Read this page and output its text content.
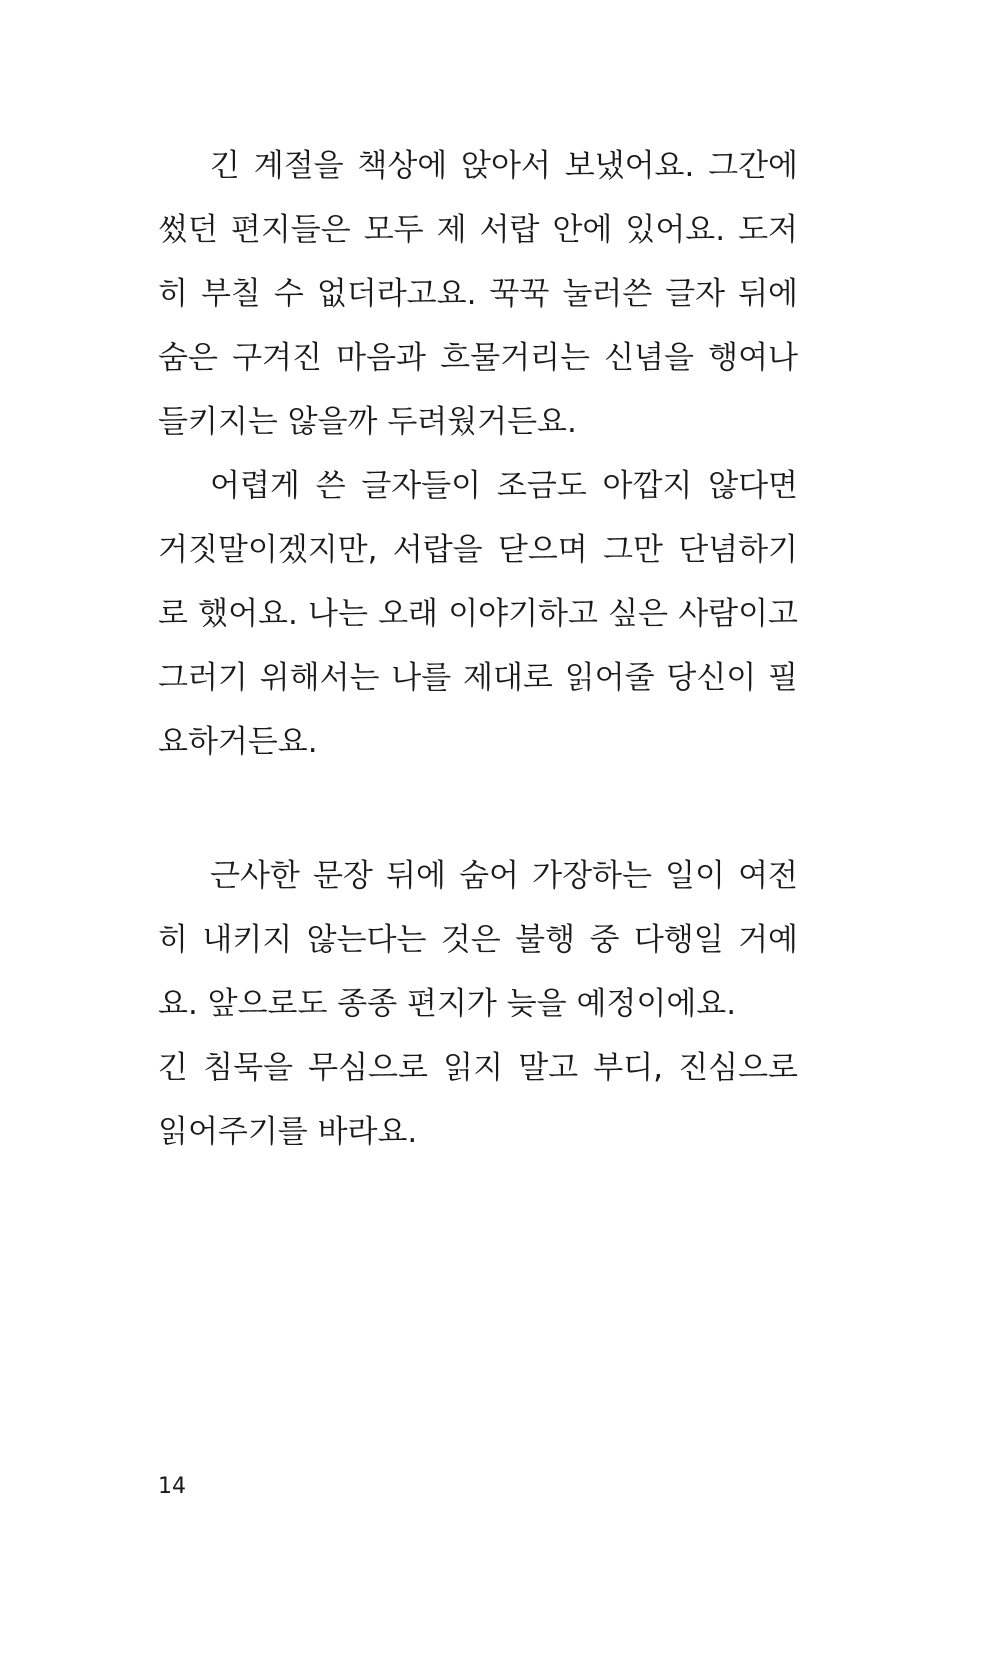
긴 계절을 책상에 앉아서 보냈어요. 그간에
썼던 편지들은 모두 제 서랍 안에 있어요. 도저
히 부칠 수 없더라고요. 꾹꾹 눌러쓴 글자 뒤에
숨은 구겨진 마음과 흐물거리는 신념을 행여나
들키지는 않을까 두려웠거든요.
어렵게 쓴 글자들이 조금도 아깝지 않다면
거짓말이겠지만, 서랍을 닫으며 그만 단념하기
로 했어요. 나는 오래 이야기하고 싶은 사람이고
그러기 위해서는 나를 제대로 읽어줄 당신이 필
요하거든요.
근사한 문장 뒤에 숨어 가장하는 일이 여전
히 내키지 않는다는 것은 불행 중 다행일 거예
요. 앞으로도 종종 편지가 늦을 예정이에요.
긴 침묵을 무심으로 읽지 말고 부디, 진심으로
읽어주기를 바라요.
14
